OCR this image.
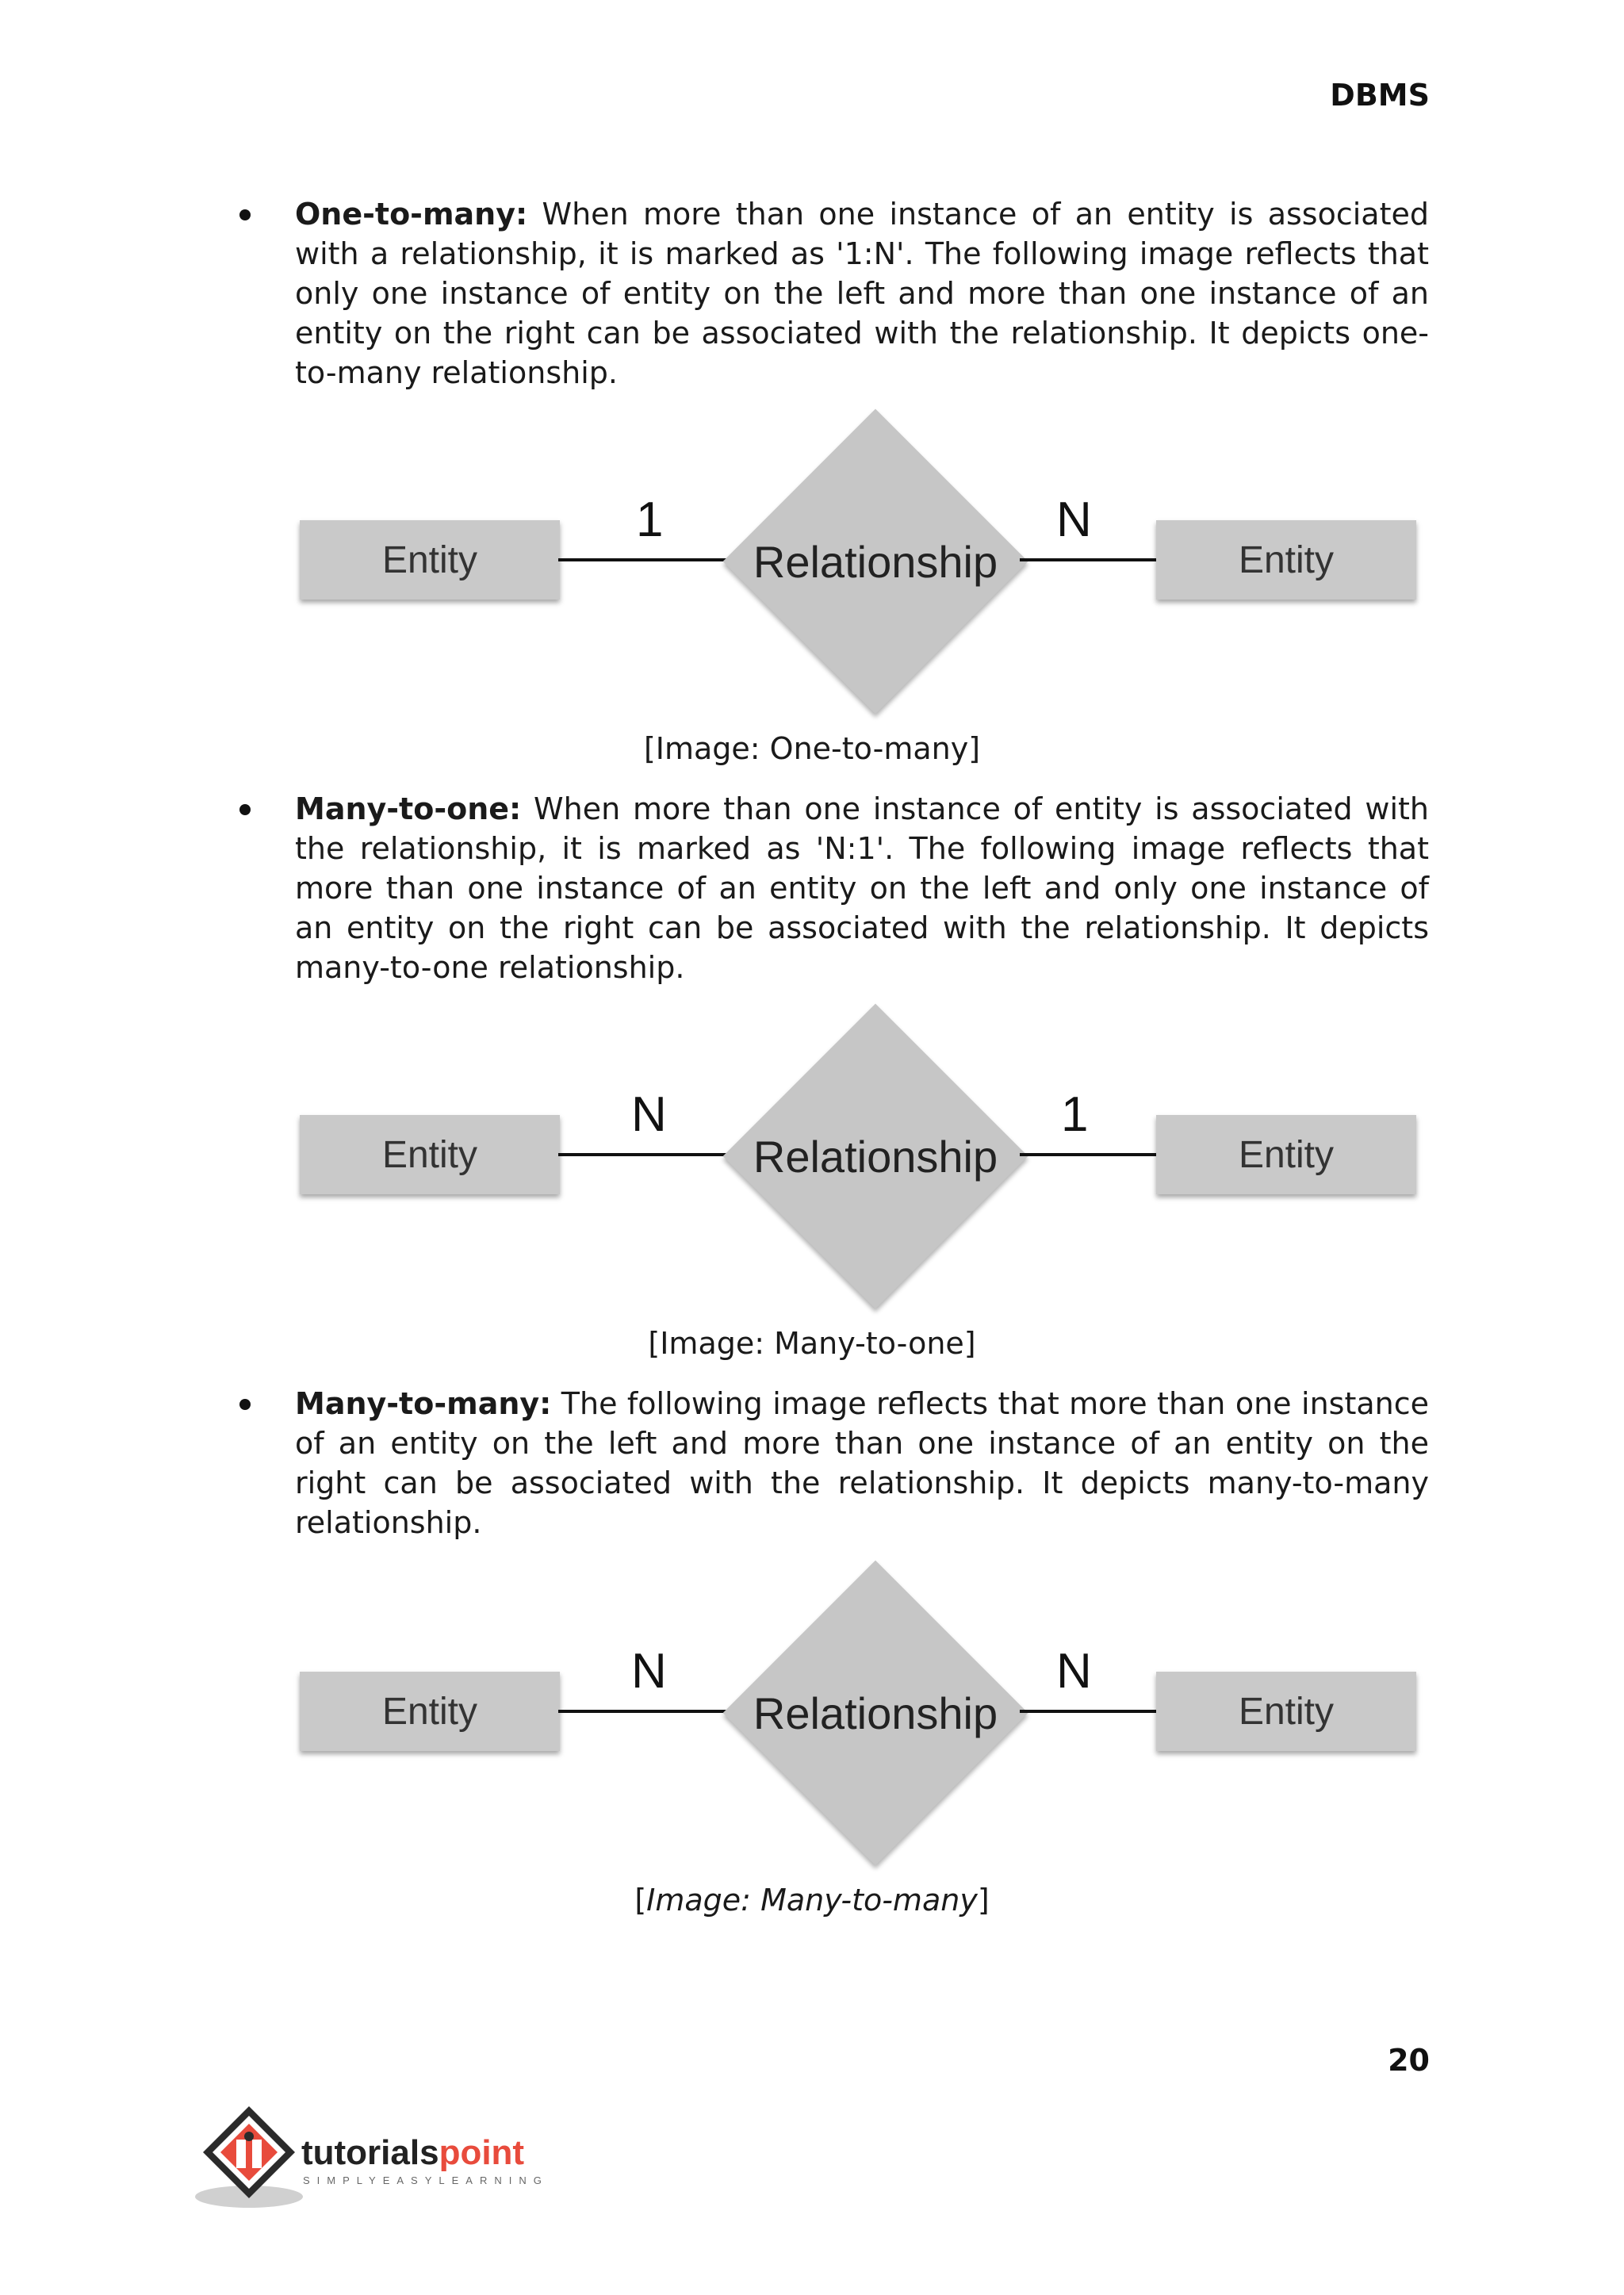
DBMS
One-to-many: When more than one instance of an entity is associated with a relationship, it is marked as '1:N'. The following image reflects that only one instance of entity on the left and more than one instance of an entity on the right can be associated with the relationship. It depicts one-to-many relationship.
Entity	Relationship	Entity
1	N
[Image: One-to-many]
Many-to-one: When more than one instance of entity is associated with the relationship, it is marked as 'N:1'. The following image reflects that more than one instance of an entity on the left and only one instance of an entity on the right can be associated with the relationship. It depicts many-to-one relationship.
Entity	Relationship	Entity
N	1
[Image: Many-to-one]
Many-to-many: The following image reflects that more than one instance of an entity on the left and more than one instance of an entity on the right can be associated with the relationship. It depicts many-to-many relationship.
Entity	Relationship	Entity
N	N
[Image: Many-to-many]
20
tutorialspoint
SIMPLYEASYLEARNING
